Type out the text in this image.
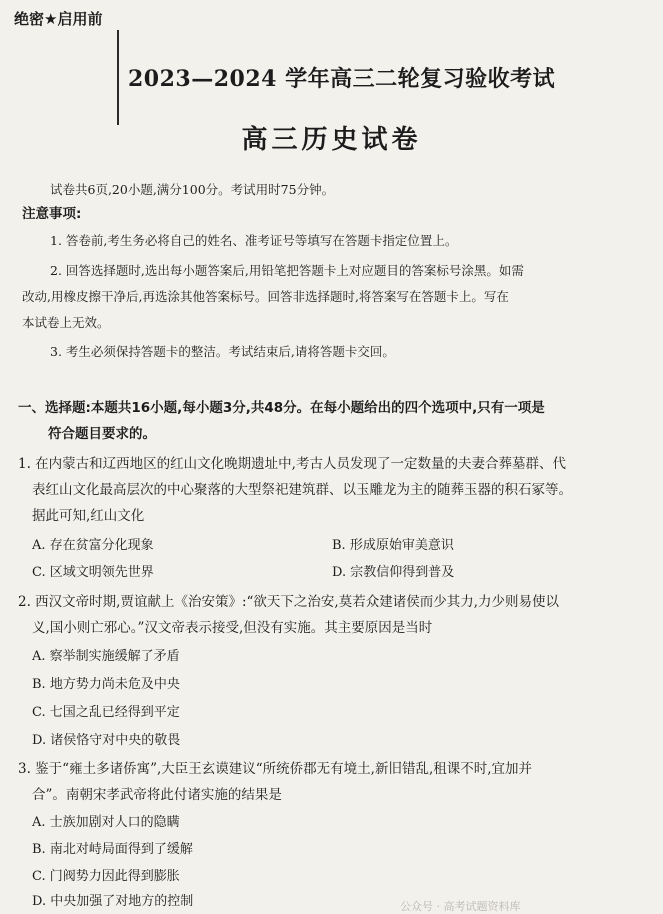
绝密★启用前
2023—2024 学年高三二轮复习验收考试
高三历史试卷
试卷共6页,20小题,满分100分。考试用时75分钟。
注意事项:
1. 答卷前,考生务必将自己的姓名、准考证号等填写在答题卡指定位置上。
2. 回答选择题时,选出每小题答案后,用铅笔把答题卡上对应题目的答案标号涂黑。如需
改动,用橡皮擦干净后,再选涂其他答案标号。回答非选择题时,将答案写在答题卡上。写在
本试卷上无效。
3. 考生必须保持答题卡的整洁。考试结束后,请将答题卡交回。
一、选择题:本题共16小题,每小题3分,共48分。在每小题给出的四个选项中,只有一项是
符合题目要求的。
1. 在内蒙古和辽西地区的红山文化晚期遗址中,考古人员发现了一定数量的夫妻合葬墓群、代
表红山文化最高层次的中心聚落的大型祭祀建筑群、以玉雕龙为主的随葬玉器的积石冢等。
据此可知,红山文化
A. 存在贫富分化现象	B. 形成原始审美意识
C. 区域文明领先世界	D. 宗教信仰得到普及
2. 西汉文帝时期,贾谊献上《治安策》:“欲天下之治安,莫若众建诸侯而少其力,力少则易使以
义,国小则亡邪心。”汉文帝表示接受,但没有实施。其主要原因是当时
A. 察举制实施缓解了矛盾
B. 地方势力尚未危及中央
C. 七国之乱已经得到平定
D. 诸侯恪守对中央的敬畏
3. 鉴于“雍土多诸侨寓”,大臣王玄谟建议“所统侨郡无有境土,新旧错乱,租课不时,宜加并
合”。南朝宋孝武帝将此付诸实施的结果是
A. 士族加剧对人口的隐瞒
B. 南北对峙局面得到了缓解
C. 门阀势力因此得到膨胀
D. 中央加强了对地方的控制	公众号 · 高考试题资料库
